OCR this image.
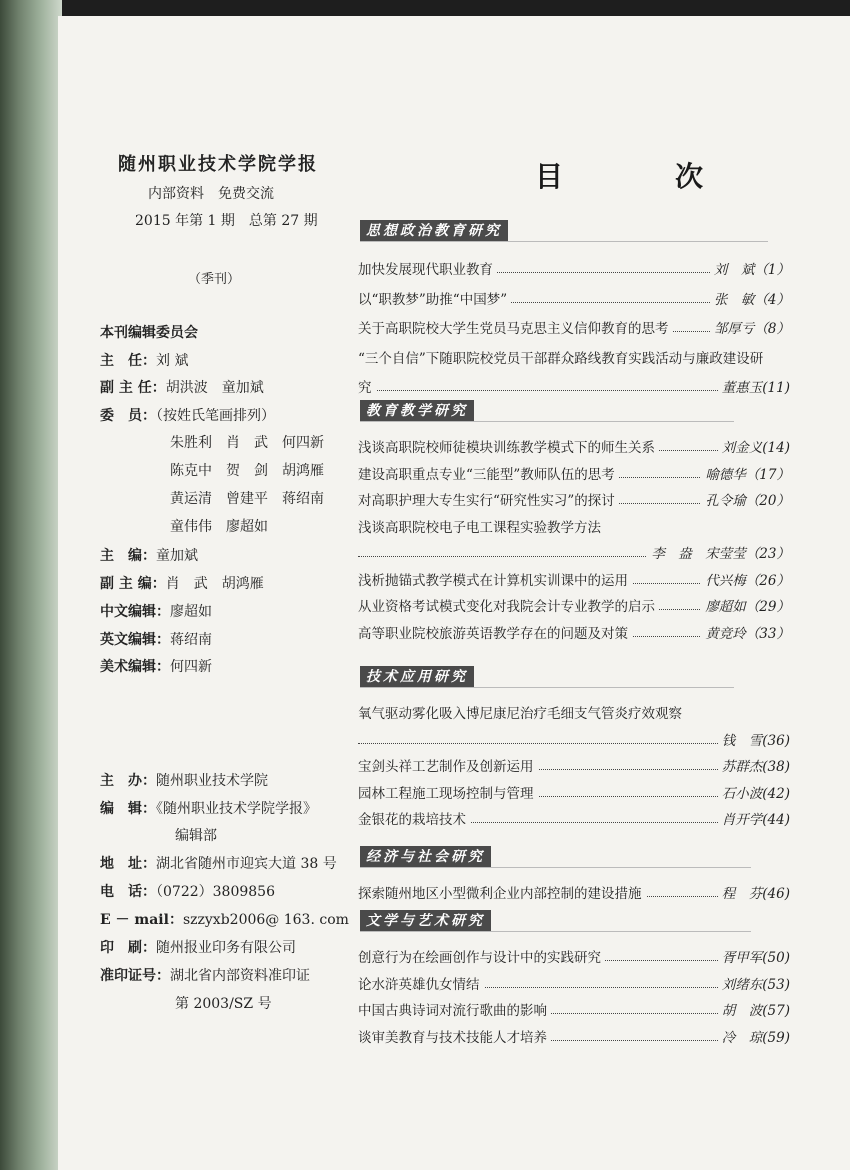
随州职业技术学院学报
内部资料　免费交流
2015 年第 1 期　总第 27 期
（季刊）
本刊编辑委员会
主　任：刘 斌
副 主 任：胡洪波　童加斌
委　员：（按姓氏笔画排列）
朱胜利　肖　武　何四新
陈克中　贺　剑　胡鸿雁
黄运清　曾建平　蒋绍南
童伟伟　廖超如
主　编：童加斌
副 主 编：肖　武　胡鸿雁
中文编辑：廖超如
英文编辑：蒋绍南
美术编辑：何四新
主　办：随州职业技术学院
编　辑：《随州职业技术学院学报》
编辑部
地　址：湖北省随州市迎宾大道 38 号
电　话：（0722）3809856
E － mail：szzyxb2006@ 163. com
印　刷：随州报业印务有限公司
准印证号：湖北省内部资料准印证
第 2003/SZ 号
目　次
思想政治教育研究
加快发展现代职业教育	刘　斌（1）
以“职教梦”助推“中国梦”	张　敏（4）
关于高职院校大学生党员马克思主义信仰教育的思考	邹厚亏（8）
“三个自信”下随职院校党员干部群众路线教育实践活动与廉政建设研
究	董惠玉(11)
教育教学研究
浅谈高职院校师徒模块训练教学模式下的师生关系	刘金义(14)
建设高职重点专业“三能型”教师队伍的思考	喻德华（17）
对高职护理大专生实行“研究性实习”的探讨	孔令瑜（20）
浅谈高职院校电子电工课程实验教学方法
李　盎　宋莹莹（23）
浅析抛锚式教学模式在计算机实训课中的运用	代兴梅（26）
从业资格考试模式变化对我院会计专业教学的启示	廖超如（29）
高等职业院校旅游英语教学存在的问题及对策	黄竞玲（33）
技术应用研究
氧气驱动雾化吸入博尼康尼治疗毛细支气管炎疗效观察
钱　雪(36)
宝剑头祥工艺制作及创新运用	苏群杰(38)
园林工程施工现场控制与管理	石小波(42)
金银花的栽培技术	肖开学(44)
经济与社会研究
探索随州地区小型微利企业内部控制的建设措施	程　芬(46)
文学与艺术研究
创意行为在绘画创作与设计中的实践研究	胥甲军(50)
论水浒英雄仇女情结	刘绪东(53)
中国古典诗词对流行歌曲的影响	胡　波(57)
谈审美教育与技术技能人才培养	冷　琼(59)
